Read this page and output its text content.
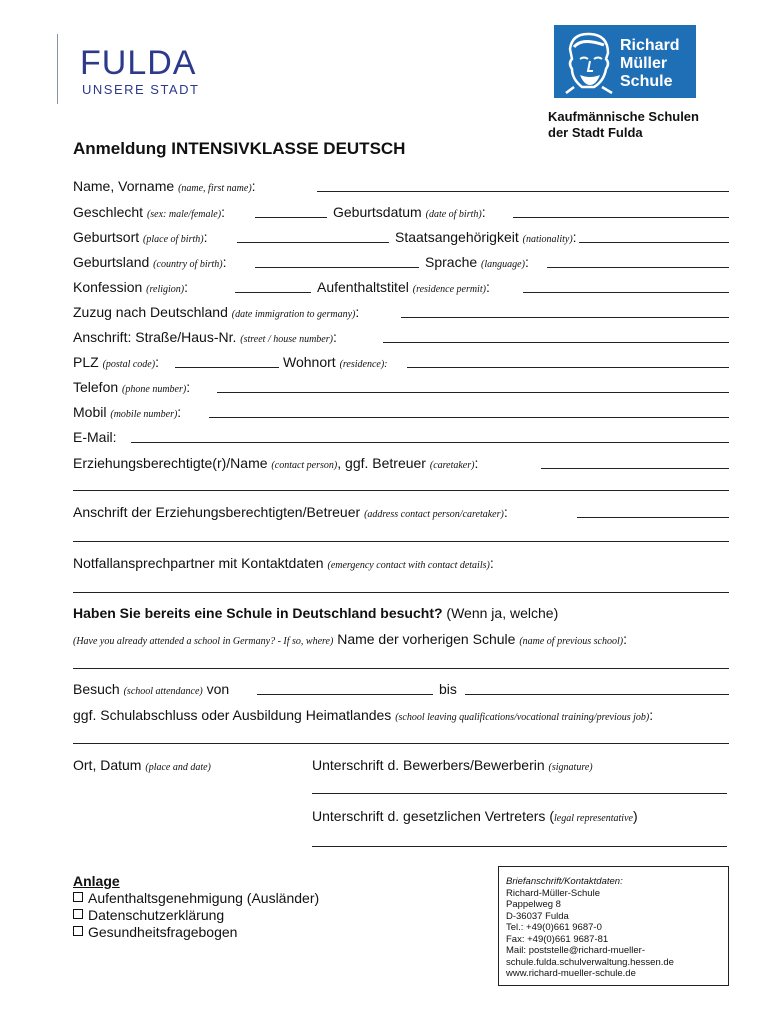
FULDA
UNSERE STADT
Richard
Müller
Schule
Kaufmännische Schulen
der Stadt Fulda
Anmeldung INTENSIVKLASSE DEUTSCH
Name, Vorname (name, first name):
Geschlecht (sex: male/female):	Geburtsdatum (date of birth):
Geburtsort (place of birth):	Staatsangehörigkeit (nationality):
Geburtsland (country of birth):	Sprache (language):
Konfession (religion):	Aufenthaltstitel (residence permit):
Zuzug nach Deutschland (date immigration to germany):
Anschrift: Straße/Haus-Nr. (street / house number):
PLZ (postal code):	Wohnort (residence):
Telefon (phone number):
Mobil (mobile number):
E-Mail:
Erziehungsberechtigte(r)/Name (contact person), ggf. Betreuer (caretaker):
Anschrift der Erziehungsberechtigten/Betreuer (address contact person/caretaker):
Notfallansprechpartner mit Kontaktdaten (emergency contact with contact details):
Haben Sie bereits eine Schule in Deutschland besucht? (Wenn ja, welche)
(Have you already attended a school in Germany? - If so, where) Name der vorherigen Schule (name of previous school):
Besuch (school attendance) von	bis
ggf. Schulabschluss oder Ausbildung Heimatlandes (school leaving qualifications/vocational training/previous job):
Ort, Datum (place and date)	Unterschrift d. Bewerbers/Bewerberin (signature)
Unterschrift d. gesetzlichen Vertreters (legal representative)
Anlage
Aufenthaltsgenehmigung (Ausländer)
Datenschutzerklärung
Gesundheitsfragebogen
Briefanschrift/Kontaktdaten:
Richard-Müller-Schule
Pappelweg 8
D-36037 Fulda
Tel.: +49(0)661 9687-0
Fax: +49(0)661 9687-81
Mail: poststelle@richard-mueller-
schule.fulda.schulverwaltung.hessen.de
www.richard-mueller-schule.de
